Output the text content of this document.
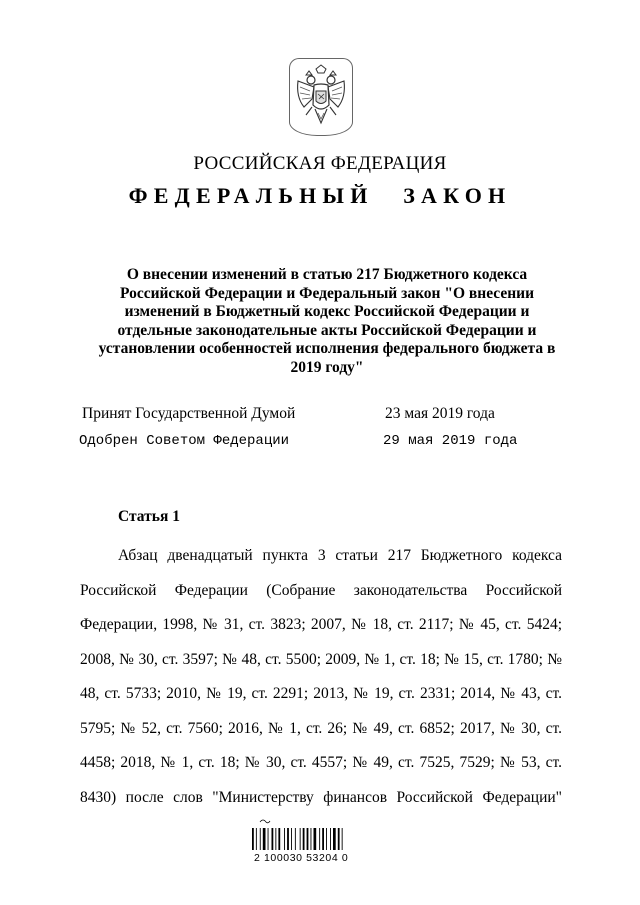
РОССИЙСКАЯ ФЕДЕРАЦИЯ
ФЕДЕРАЛЬНЫЙ ЗАКОН
О внесении изменений в статью 217 Бюджетного кодекса Российской Федерации и Федеральный закон "О внесении изменений в Бюджетный кодекс Российской Федерации и отдельные законодательные акты Российской Федерации и установлении особенностей исполнения федерального бюджета в 2019 году"
Принят Государственной Думой	23 мая 2019 года
Одобрен Советом Федерации	29 мая 2019 года
Статья 1
Абзац двенадцатый пункта 3 статьи 217 Бюджетного кодекса Российской Федерации (Собрание законодательства Российской Федерации, 1998, № 31, ст. 3823; 2007, № 18, ст. 2117; № 45, ст. 5424; 2008, № 30, ст. 3597; № 48, ст. 5500; 2009, № 1, ст. 18; № 15, ст. 1780; № 48, ст. 5733; 2010, № 19, ст. 2291; 2013, № 19, ст. 2331; 2014, № 43, ст. 5795; № 52, ст. 7560; 2016, № 1, ст. 26; № 49, ст. 6852; 2017, № 30, ст. 4458; 2018, № 1, ст. 18; № 30, ст. 4557; № 49, ст. 7525, 7529; № 53, ст. 8430) после слов "Министерству финансов Российской Федерации"
2 100030 53204 0
